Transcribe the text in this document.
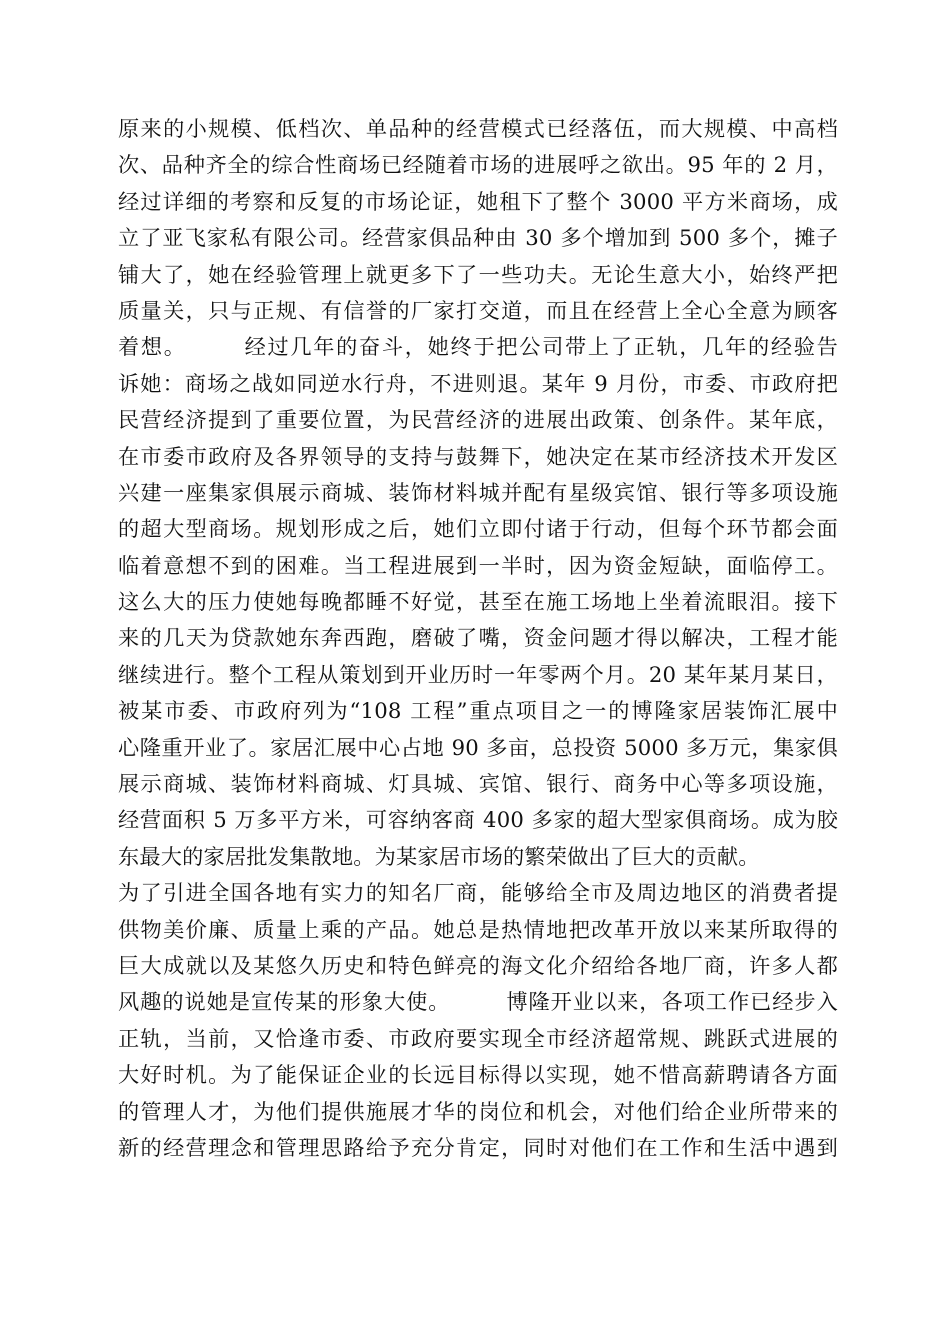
原来的小规模、低档次、单品种的经营模式已经落伍，而大规模、中高档
次、品种齐全的综合性商场已经随着市场的进展呼之欲出。95 年的 2 月，
经过详细的考察和反复的市场论证，她租下了整个 3000 平方米商场，成
立了亚飞家私有限公司。经营家俱品种由 30 多个增加到 500 多个，摊子
铺大了，她在经验管理上就更多下了一些功夫。无论生意大小，始终严把
质量关，只与正规、有信誉的厂家打交道，而且在经营上全心全意为顾客
着想。　　　经过几年的奋斗，她终于把公司带上了正轨，几年的经验告
诉她：商场之战如同逆水行舟，不进则退。某年 9 月份，市委、市政府把
民营经济提到了重要位置，为民营经济的进展出政策、创条件。某年底，
在市委市政府及各界领导的支持与鼓舞下，她决定在某市经济技术开发区
兴建一座集家俱展示商城、装饰材料城并配有星级宾馆、银行等多项设施
的超大型商场。规划形成之后，她们立即付诸于行动，但每个环节都会面
临着意想不到的困难。当工程进展到一半时，因为资金短缺，面临停工。
这么大的压力使她每晚都睡不好觉，甚至在施工场地上坐着流眼泪。接下
来的几天为贷款她东奔西跑，磨破了嘴，资金问题才得以解决，工程才能
继续进行。整个工程从策划到开业历时一年零两个月。20 某年某月某日，
被某市委、市政府列为“108 工程”重点项目之一的博隆家居装饰汇展中
心隆重开业了。家居汇展中心占地 90 多亩，总投资 5000 多万元，集家俱
展示商城、装饰材料商城、灯具城、宾馆、银行、商务中心等多项设施，
经营面积 5 万多平方米，可容纳客商 400 多家的超大型家俱商场。成为胶
东最大的家居批发集散地。为某家居市场的繁荣做出了巨大的贡献。
为了引进全国各地有实力的知名厂商，能够给全市及周边地区的消费者提
供物美价廉、质量上乘的产品。她总是热情地把改革开放以来某所取得的
巨大成就以及某悠久历史和特色鲜亮的海文化介绍给各地厂商，许多人都
风趣的说她是宣传某的形象大使。　　　博隆开业以来，各项工作已经步入
正轨，当前，又恰逢市委、市政府要实现全市经济超常规、跳跃式进展的
大好时机。为了能保证企业的长远目标得以实现，她不惜高薪聘请各方面
的管理人才，为他们提供施展才华的岗位和机会，对他们给企业所带来的
新的经营理念和管理思路给予充分肯定，同时对他们在工作和生活中遇到
